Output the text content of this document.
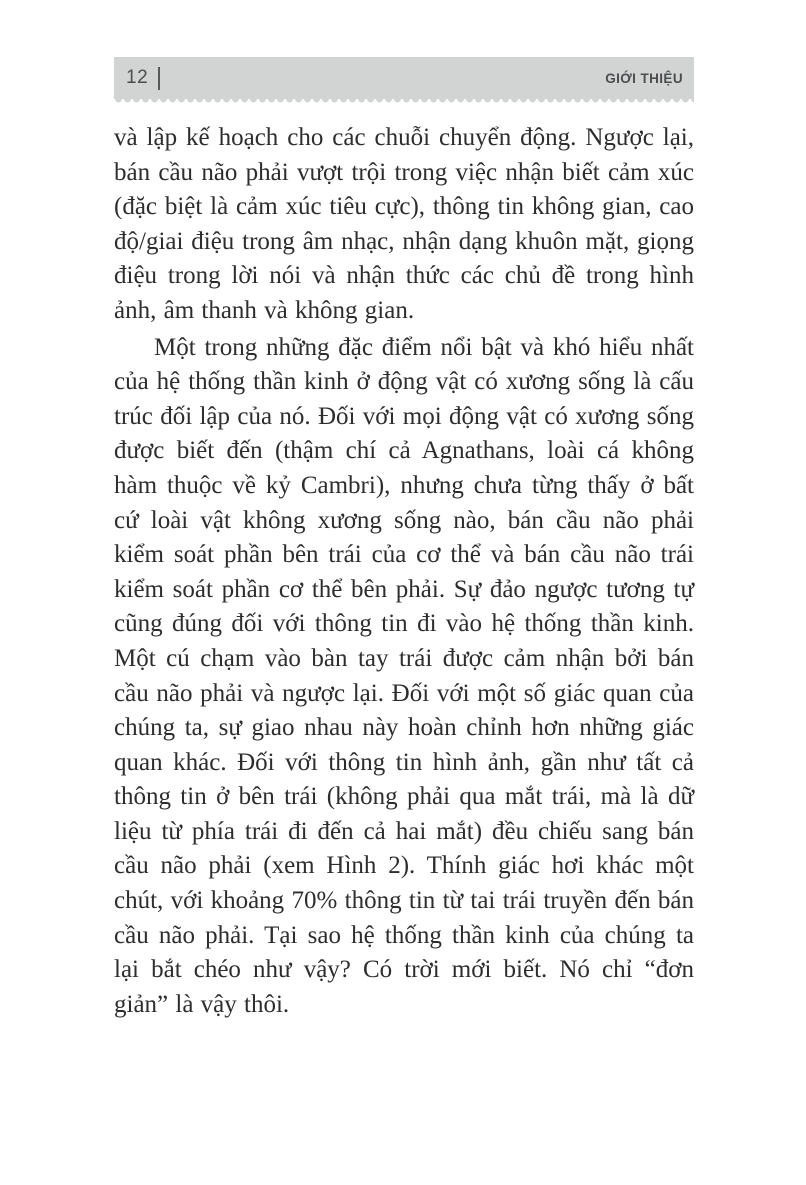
12	GIỚI THIỆU

và lập kế hoạch cho các chuỗi chuyển động. Ngược lại, bán cầu não phải vượt trội trong việc nhận biết cảm xúc (đặc biệt là cảm xúc tiêu cực), thông tin không gian, cao độ/giai điệu trong âm nhạc, nhận dạng khuôn mặt, giọng điệu trong lời nói và nhận thức các chủ đề trong hình ảnh, âm thanh và không gian.

Một trong những đặc điểm nổi bật và khó hiểu nhất của hệ thống thần kinh ở động vật có xương sống là cấu trúc đối lập của nó. Đối với mọi động vật có xương sống được biết đến (thậm chí cả Agnathans, loài cá không hàm thuộc về kỷ Cambri), nhưng chưa từng thấy ở bất cứ loài vật không xương sống nào, bán cầu não phải kiểm soát phần bên trái của cơ thể và bán cầu não trái kiểm soát phần cơ thể bên phải. Sự đảo ngược tương tự cũng đúng đối với thông tin đi vào hệ thống thần kinh. Một cú chạm vào bàn tay trái được cảm nhận bởi bán cầu não phải và ngược lại. Đối với một số giác quan của chúng ta, sự giao nhau này hoàn chỉnh hơn những giác quan khác. Đối với thông tin hình ảnh, gần như tất cả thông tin ở bên trái (không phải qua mắt trái, mà là dữ liệu từ phía trái đi đến cả hai mắt) đều chiếu sang bán cầu não phải (xem Hình 2). Thính giác hơi khác một chút, với khoảng 70% thông tin từ tai trái truyền đến bán cầu não phải. Tại sao hệ thống thần kinh của chúng ta lại bắt chéo như vậy? Có trời mới biết. Nó chỉ “đơn giản” là vậy thôi.
